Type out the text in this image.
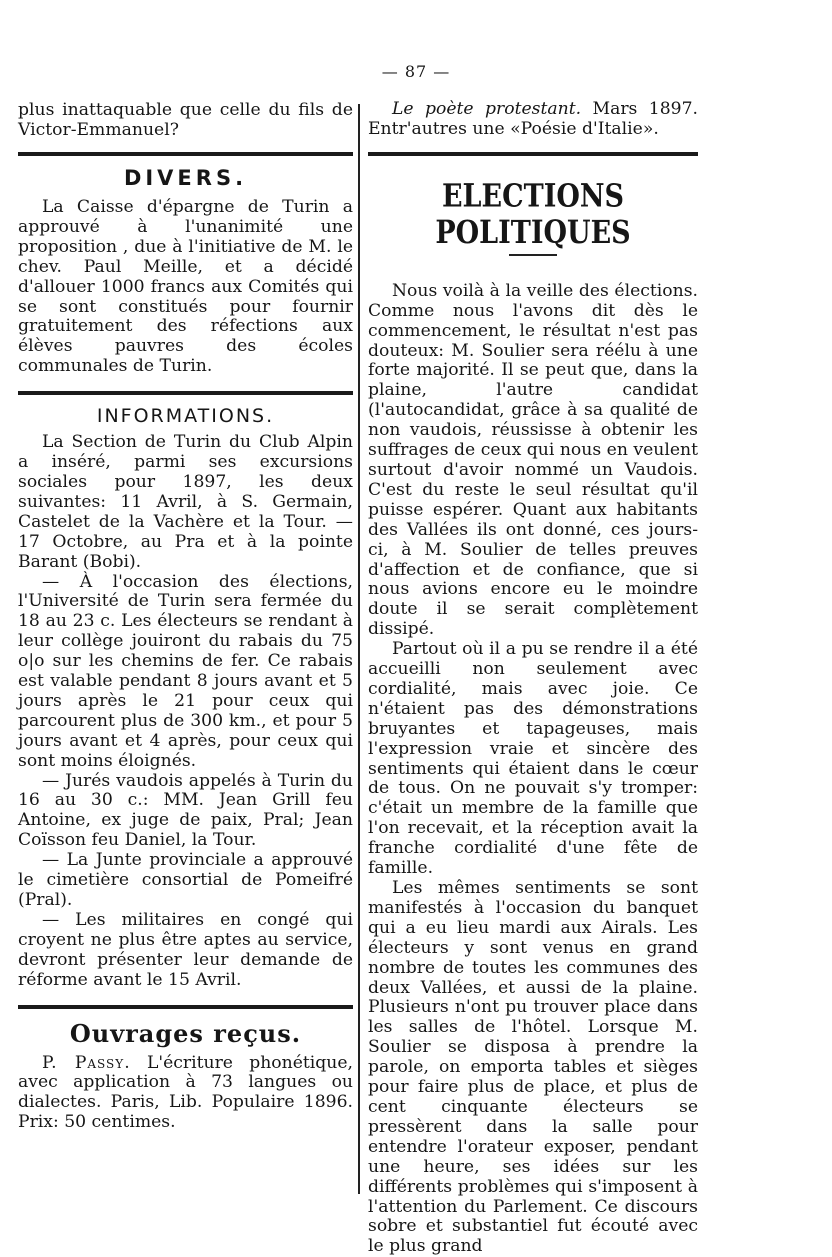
— 87 —

plus inattaquable que celle du fils de Victor-Emmanuel?

DIVERS.

La Caisse d'épargne de Turin a approuvé à l'unanimité une proposition , due à l'initiative de M. le chev. Paul Meille, et a décidé d'allouer 1000 francs aux Comités qui se sont constitués pour fournir gratuitement des réfections aux élèves pauvres des écoles communales de Turin.

INFORMATIONS.

La Section de Turin du Club Alpin a inséré, parmi ses excursions sociales pour 1897, les deux suivantes: 11 Avril, à S. Germain, Castelet de la Vachère et la Tour. — 17 Octobre, au Pra et à la pointe Barant (Bobi).

— À l'occasion des élections, l'Université de Turin sera fermée du 18 au 23 c. Les électeurs se rendant à leur collège jouiront du rabais du 75 o|o sur les chemins de fer. Ce rabais est valable pendant 8 jours avant et 5 jours après le 21 pour ceux qui parcourent plus de 300 km., et pour 5 jours avant et 4 après, pour ceux qui sont moins éloignés.

— Jurés vaudois appelés à Turin du 16 au 30 c.: MM. Jean Grill feu Antoine, ex juge de paix, Pral; Jean Coïsson feu Daniel, la Tour.

— La Junte provinciale a approuvé le cimetière consortial de Pomeifré (Pral).

— Les militaires en congé qui croyent ne plus être aptes au service, devront présenter leur demande de réforme avant le 15 Avril.

Ouvrages reçus.

P. Passy. L'écriture phonétique, avec application à 73 langues ou dialectes. Paris, Lib. Populaire 1896. Prix: 50 centimes.

Le poète protestant. Mars 1897. Entr'autres une «Poésie d'Italie».

ELECTIONS POLITIQUES

Nous voilà à la veille des élections. Comme nous l'avons dit dès le commencement, le résultat n'est pas douteux: M. Soulier sera réélu à une forte majorité. Il se peut que, dans la plaine, l'autre candidat (l'autocandidat, grâce à sa qualité de non vaudois, réussisse à obtenir les suffrages de ceux qui nous en veulent surtout d'avoir nommé un Vaudois. C'est du reste le seul résultat qu'il puisse espérer. Quant aux habitants des Vallées ils ont donné, ces jours-ci, à M. Soulier de telles preuves d'affection et de confiance, que si nous avions encore eu le moindre doute il se serait complètement dissipé.

Partout où il a pu se rendre il a été accueilli non seulement avec cordialité, mais avec joie. Ce n'étaient pas des démonstrations bruyantes et tapageuses, mais l'expression vraie et sincère des sentiments qui étaient dans le cœur de tous. On ne pouvait s'y tromper: c'était un membre de la famille que l'on recevait, et la réception avait la franche cordialité d'une fête de famille.

Les mêmes sentiments se sont manifestés à l'occasion du banquet qui a eu lieu mardi aux Airals. Les électeurs y sont venus en grand nombre de toutes les communes des deux Vallées, et aussi de la plaine. Plusieurs n'ont pu trouver place dans les salles de l'hôtel. Lorsque M. Soulier se disposa à prendre la parole, on emporta tables et sièges pour faire plus de place, et plus de cent cinquante électeurs se pressèrent dans la salle pour entendre l'orateur exposer, pendant une heure, ses idées sur les différents problèmes qui s'imposent à l'attention du Parlement. Ce discours sobre et substantiel fut écouté avec le plus grand
